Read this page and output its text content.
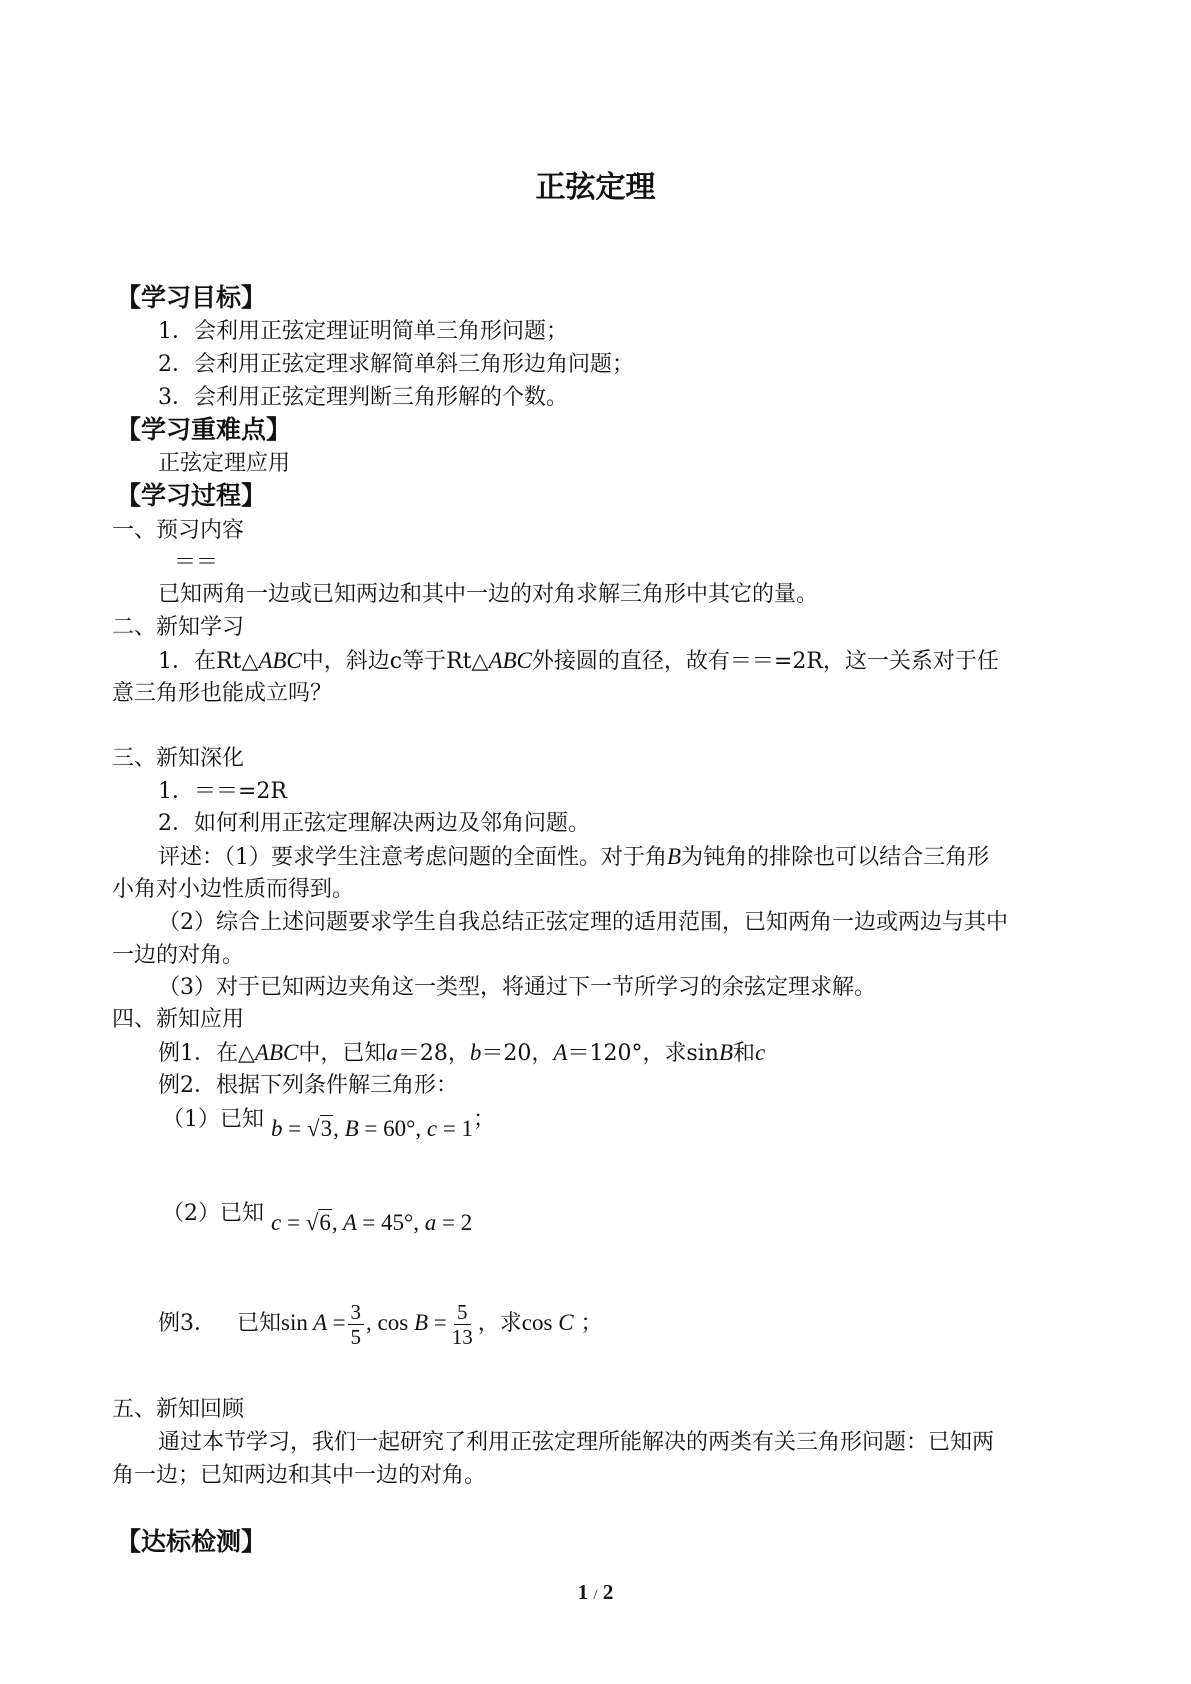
正弦定理
【学习目标】
1．会利用正弦定理证明简单三角形问题；
2．会利用正弦定理求解简单斜三角形边角问题；
3．会利用正弦定理判断三角形解的个数。
【学习重难点】
正弦定理应用
【学习过程】
一、预习内容
＝＝
已知两角一边或已知两边和其中一边的对角求解三角形中其它的量。
二、新知学习
1．在Rt△ABC中，斜边c等于Rt△ABC外接圆的直径，故有＝＝=2R，这一关系对于任
意三角形也能成立吗？
三、新知深化
1．＝＝=2R
2．如何利用正弦定理解决两边及邻角问题。
评述：（1）要求学生注意考虑问题的全面性。对于角B为钝角的排除也可以结合三角形
小角对小边性质而得到。
（2）综合上述问题要求学生自我总结正弦定理的适用范围，已知两角一边或两边与其中
一边的对角。
（3）对于已知两边夹角这一类型，将通过下一节所学习的余弦定理求解。
四、新知应用
例1．在△ABC中，已知a＝28，b＝20，A＝120°，求sinB和c
例2．根据下列条件解三角形：
（1）已知 b = √3, B = 60°, c = 1；
（2）已知 c = √6, A = 45°, a = 2
例3． 已知$\sin A = \frac{3}{5}$ , $\cos B = \frac{5}{13}$ ，求cos C ；
五、新知回顾
通过本节学习，我们一起研究了利用正弦定理所能解决的两类有关三角形问题：已知两
角一边；已知两边和其中一边的对角。
【达标检测】
1 / 2
